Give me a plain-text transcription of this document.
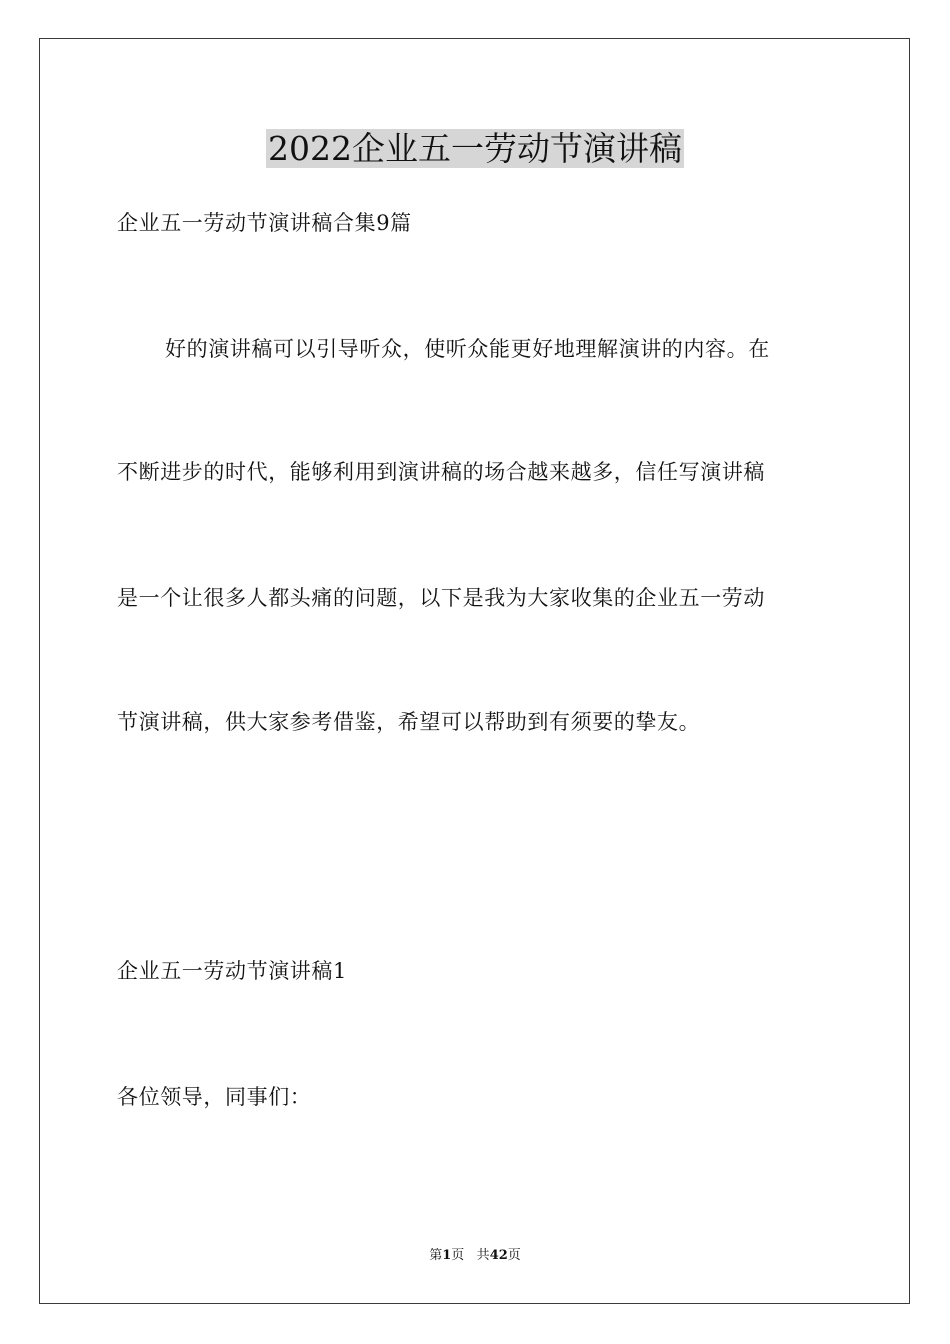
2022企业五一劳动节演讲稿

企业五一劳动节演讲稿合集9篇

好的演讲稿可以引导听众，使听众能更好地理解演讲的内容。在

不断进步的时代，能够利用到演讲稿的场合越来越多，信任写演讲稿

是一个让很多人都头痛的问题，以下是我为大家收集的企业五一劳动

节演讲稿，供大家参考借鉴，希望可以帮助到有须要的挚友。

企业五一劳动节演讲稿1

各位领导，同事们：

第1页 共42页
